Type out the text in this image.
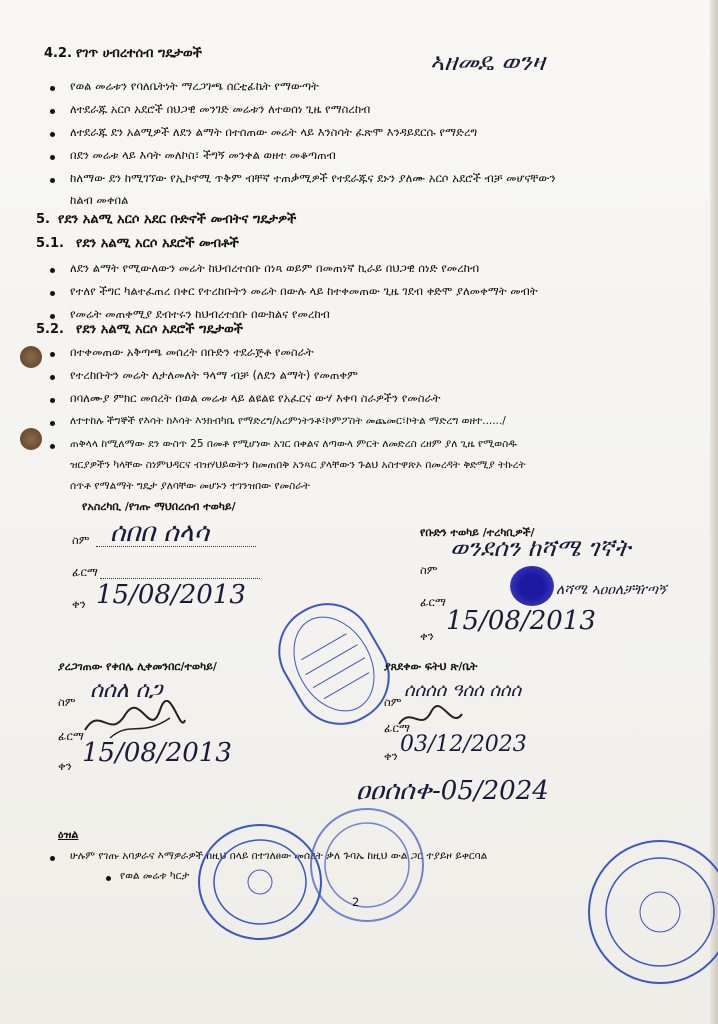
ኣዘመዴ ወንዛ
4.2. የገጥ ሀብረተሰብ ግዴታወች
የወል መሬቱን የባለቤትነት ማረጋገጫ ሰርቲፊኬት የማውጣት
ለተደራጁ አርሶ አደሮች በህጋዊ መንገድ መሬቱን ለተወሰነ ጊዜ የማስረከብ
ለተደራጁ ደን አልሚዎች ለደን ልማት በተሰጠው መሬት ላይ እንስሳት ፈጽሞ እንዳይደርሱ የማድረግ
በደን መሬቱ ላይ እሳት መለኮስ፣ ችግኝ መንቀል ወዘተ መቆጣጠብ
ከለማው ደን ከሚገኘው የኢኮኖሚ ጥቅም ብቸኛ ተጠቃሚዎች የተደራጁና ደኑን ያለሙ አርሶ አደሮች ብቻ መሆናቸውን
ከልብ መቀበል
5. የደን አልሚ አርሶ አደር ቡድኖች መብትና ግዴታዎች
5.1. የደን አልሚ አርሶ አደሮች መብቶች
ለደን ልማት የሚውለውን መሬት ከህብረተሰቡ በነጻ ወይም በመጠነኛ ኪራይ በህጋዊ ሰነድ የመረከብ
የተለየ ችግር ካልተፈጠረ በቀር የተረከቡትን መሬት በውሉ ላይ ከተቀመጠው ጊዜ ገደብ ቀድሞ ያለመቀማት መብት
የመሬት መጠቀሚያ ደብተሩን ከህብረተሰቡ በውክልና የመረከብ
5.2. የደን አልሚ አርሶ አደሮች ግዴታወች
በተቀመጠው አቅጣጫ መሰረት በቡድን ተደራጅቶ የመስራት
የተረከቡትን መሬት ለታለመለት ዓላማ ብቻ (ለደን ልማት) የመጠቀም
በባለሙያ ምክር መሰረት በወል መሬቱ ላይ ልዩልዩ የአፈርና ውሃ እቀባ ስራዎችን የመስራት
ለተተከሉ ችግኞች የእሳት ከእሳት እንክብካቤ የማድረግ/አረምነትንቶ፣ኮምፖስት መጨመር፣ኮትል ማድረግ ወዘተ....../
ጠቅላላ ከሚለማው ደን ውስጥ 25 በመቶ የሚሆነው አገር በቀልና ለጣውላ ምርት ለመድረስ ረዘም ያለ ጊዜ የሚወስዱ
ዝርያዎችን ካላቸው ስነምህዳርና ብዝሃህይወትን ከመጠበቅ አንጻር ያላቸውን ጉልህ አስተዋጽኦ በመረዳት ቅድሚያ ትኩረት
ሰጥቶ የማልማት ግዴታ ያለባቸው መሆኑን ተገንዝበው የመስራት
የአስረካቢ /የገጡ ማህበረሰብ ተወካይ/
ስም ሰበበ ሰላሳ
ፊርማ
ቀን 15/08/2013
የቡድን ተወካይ /ተረካቢዎች/
ስም
ወንደሰን ከሻሜ ገኛት
ፊርማ
ለሻሜ ኣዐዐለቻዥጣኝ
ቀን 15/08/2013
ያረጋገጠው የቀበሌ ሊቀመንበር/ተወካይ/
ስም ሰሰለ ሰጋ
ፊርማ
ቀን 15/08/2013
ያጸደቀው ፍትህ ጽ/ቤት
ስም
ሰሰሰሰ ዓሰሰ ሰሰሰ
ፊርማ
ቀን 03/12/2023
ዐዐሰሰቀ-05/2024
ዕዝል
ሁሉም የገጡ አባዎራና እማዎራዎች ከዚህ በላይ በተገለፀው መሰረት ቃለ ጉባኤ ከዚህ ውል ጋር ተያይዞ ይቀርባል
የወል መሬቱ ካርታ
2
